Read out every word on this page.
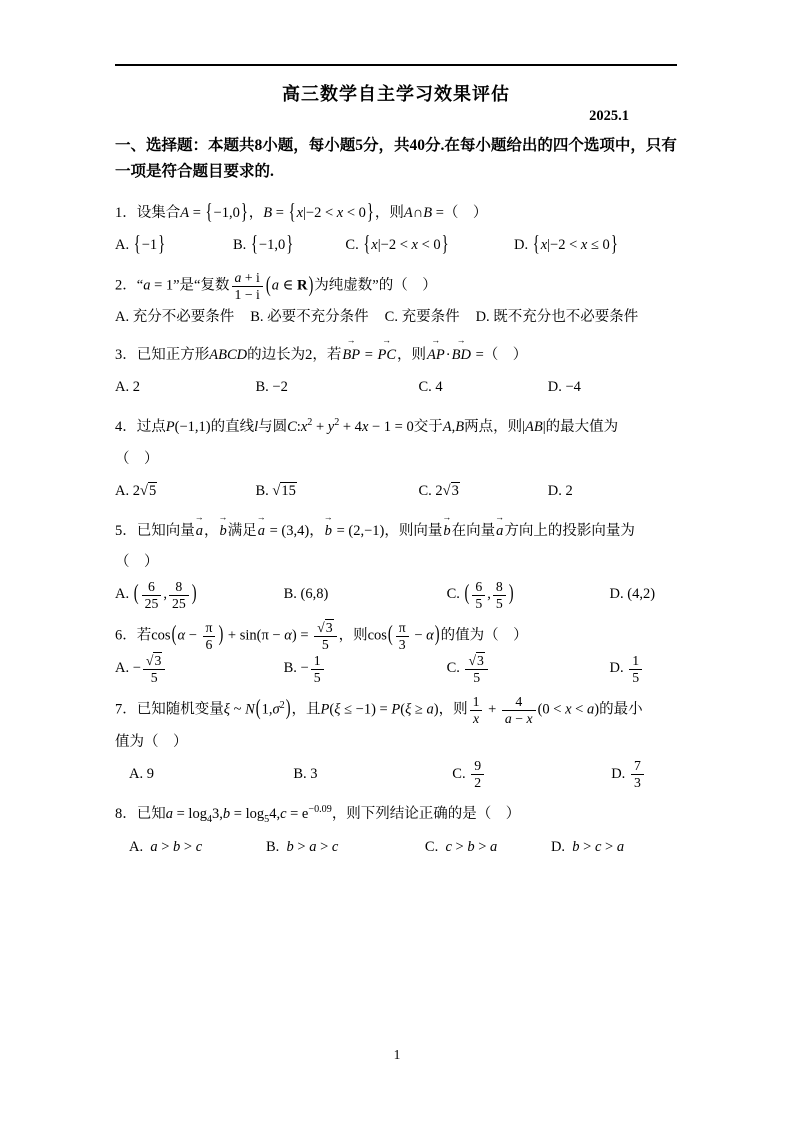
高三数学自主学习效果评估
2025.1

一、选择题：本题共8小题，每小题5分，共40分.在每小题给出的四个选项中，只有一项是符合题目要求的.

1．设集合A = {−1,0}，B = {x|−2 < x < 0}，则A∩B =（　）
A. {−1}	B. {−1,0}	C. {x|−2 < x < 0}	D. {x|−2 < x ≤ 0}
2．“a = 1”是“复数 $\frac{a + i}{1 - i} (a$ ∈ R)为纯虚数”的（　）
A. 充分不必要条件 B. 必要不充分条件 C. 充要条件 D. 既不充分也不必要条件
3．已知正方形ABCD的边长为2，若BP → = PC →，则AP →·BD → =（　）
A. 2	B. −2	C. 4	D. −4
4．过点P(−1,1)的直线l与圆$C:x^2 + y^2 + 4x - 1 = 0$交于A,B两点，则|AB|的最大值为
（　）
A. 2√5	B. √15	C. 2√3	D. 2
5．已知向量a →，b →满足a → = (3,4)，b → = (2,−1)，则向量b →在向量a →方向上的投影向量为
（　）
A. ( $\frac{6}{25}$ , $\frac{8}{25}$ )	B. (6,8)	C. ( $\frac{6}{5}$ , $\frac{8}{5}$ )	D. (4,2)
6．若$\cos(\alpha - \frac{\pi}{6}$ ) + $\sin(\pi - \alpha) = \frac{√3}{5}$ ，则$\cos( \frac{\pi}{3} - \alpha)$的值为（　）
A. − $\frac{√3}{5}$	B. − $\frac{1}{5}$	C. $\frac{√3}{5}$	D. $\frac{1}{5}$
7．已知随机变量ξ ~ $N(1,\sigma^2)$，且P(ξ ≤ −1) = P(ξ ≥ a)，则 $\frac{1}{x} + \frac{4}{a - x} (0 < x < a)$的最小
值为（　）
A. 9	B. 3	C. $\frac{9}{2}$	D. $\frac{7}{3}$
8．已知$a = \log_43,b = \log_54,c = e^{-0.09}$，则下列结论正确的是（　）
A.  a > b > c	B.  b > a > c	C.  c > b > a	D.  b > c > a
1
